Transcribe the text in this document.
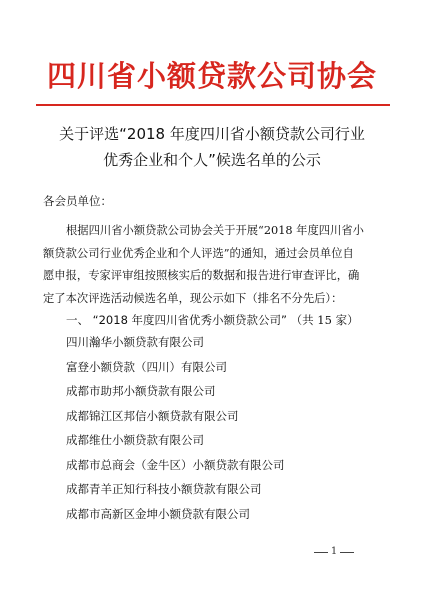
四川省小额贷款公司协会
关于评选“2018 年度四川省小额贷款公司行业
优秀企业和个人”候选名单的公示
各会员单位：
根据四川省小额贷款公司协会关于开展“2018 年度四川省小
额贷款公司行业优秀企业和个人评选”的通知，通过会员单位自
愿申报，专家评审组按照核实后的数据和报告进行审查评比，确
定了本次评选活动候选名单，现公示如下（排名不分先后）：
一、 “2018 年度四川省优秀小额贷款公司” （共 15 家）
四川瀚华小额贷款有限公司
富登小额贷款（四川）有限公司
成都市助邦小额贷款有限公司
成都锦江区邦信小额贷款有限公司
成都维仕小额贷款有限公司
成都市总商会（金牛区）小额贷款有限公司
成都青羊正知行科技小额贷款有限公司
成都市高新区金坤小额贷款有限公司
1
